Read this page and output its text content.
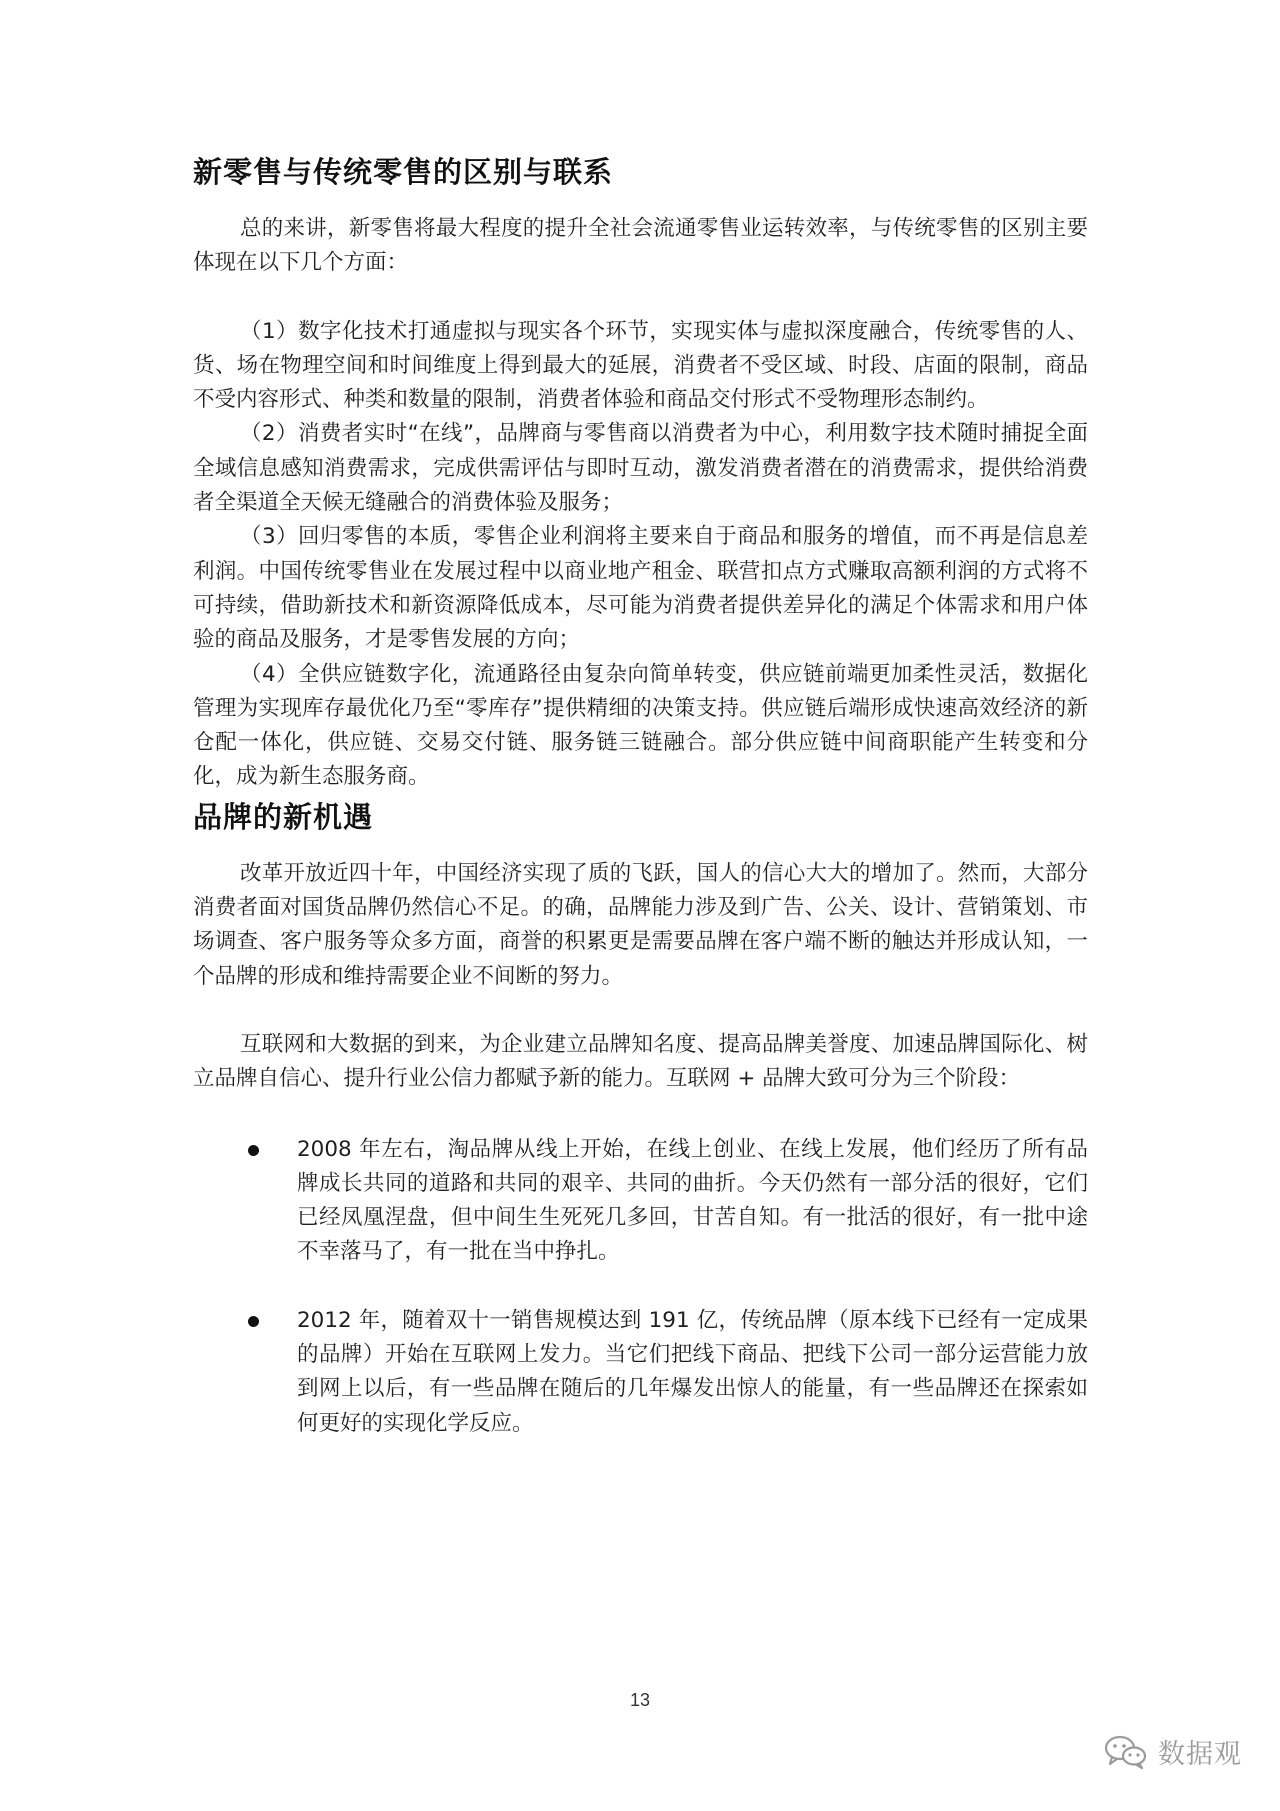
新零售与传统零售的区别与联系

总的来讲，新零售将最大程度的提升全社会流通零售业运转效率，与传统零售的区别主要体现在以下几个方面：

（1）数字化技术打通虚拟与现实各个环节，实现实体与虚拟深度融合，传统零售的人、货、场在物理空间和时间维度上得到最大的延展，消费者不受区域、时段、店面的限制，商品不受内容形式、种类和数量的限制，消费者体验和商品交付形式不受物理形态制约。

（2）消费者实时“在线”，品牌商与零售商以消费者为中心，利用数字技术随时捕捉全面全域信息感知消费需求，完成供需评估与即时互动，激发消费者潜在的消费需求，提供给消费者全渠道全天候无缝融合的消费体验及服务；

（3）回归零售的本质，零售企业利润将主要来自于商品和服务的增值，而不再是信息差利润。中国传统零售业在发展过程中以商业地产租金、联营扣点方式赚取高额利润的方式将不可持续，借助新技术和新资源降低成本，尽可能为消费者提供差异化的满足个体需求和用户体验的商品及服务，才是零售发展的方向；

（4）全供应链数字化，流通路径由复杂向简单转变，供应链前端更加柔性灵活，数据化管理为实现库存最优化乃至“零库存”提供精细的决策支持。供应链后端形成快速高效经济的新仓配一体化，供应链、交易交付链、服务链三链融合。部分供应链中间商职能产生转变和分化，成为新生态服务商。

品牌的新机遇

改革开放近四十年，中国经济实现了质的飞跃，国人的信心大大的增加了。然而，大部分消费者面对国货品牌仍然信心不足。的确，品牌能力涉及到广告、公关、设计、营销策划、市场调查、客户服务等众多方面，商誉的积累更是需要品牌在客户端不断的触达并形成认知，一个品牌的形成和维持需要企业不间断的努力。

互联网和大数据的到来，为企业建立品牌知名度、提高品牌美誉度、加速品牌国际化、树立品牌自信心、提升行业公信力都赋予新的能力。互联网 + 品牌大致可分为三个阶段：

2008 年左右，淘品牌从线上开始，在线上创业、在线上发展，他们经历了所有品牌成长共同的道路和共同的艰辛、共同的曲折。今天仍然有一部分活的很好，它们已经凤凰涅盘，但中间生生死死几多回，甘苦自知。有一批活的很好，有一批中途不幸落马了，有一批在当中挣扎。

2012 年，随着双十一销售规模达到 191 亿，传统品牌（原本线下已经有一定成果的品牌）开始在互联网上发力。当它们把线下商品、把线下公司一部分运营能力放到网上以后，有一些品牌在随后的几年爆发出惊人的能量，有一些品牌还在探索如何更好的实现化学反应。

13
数据观
